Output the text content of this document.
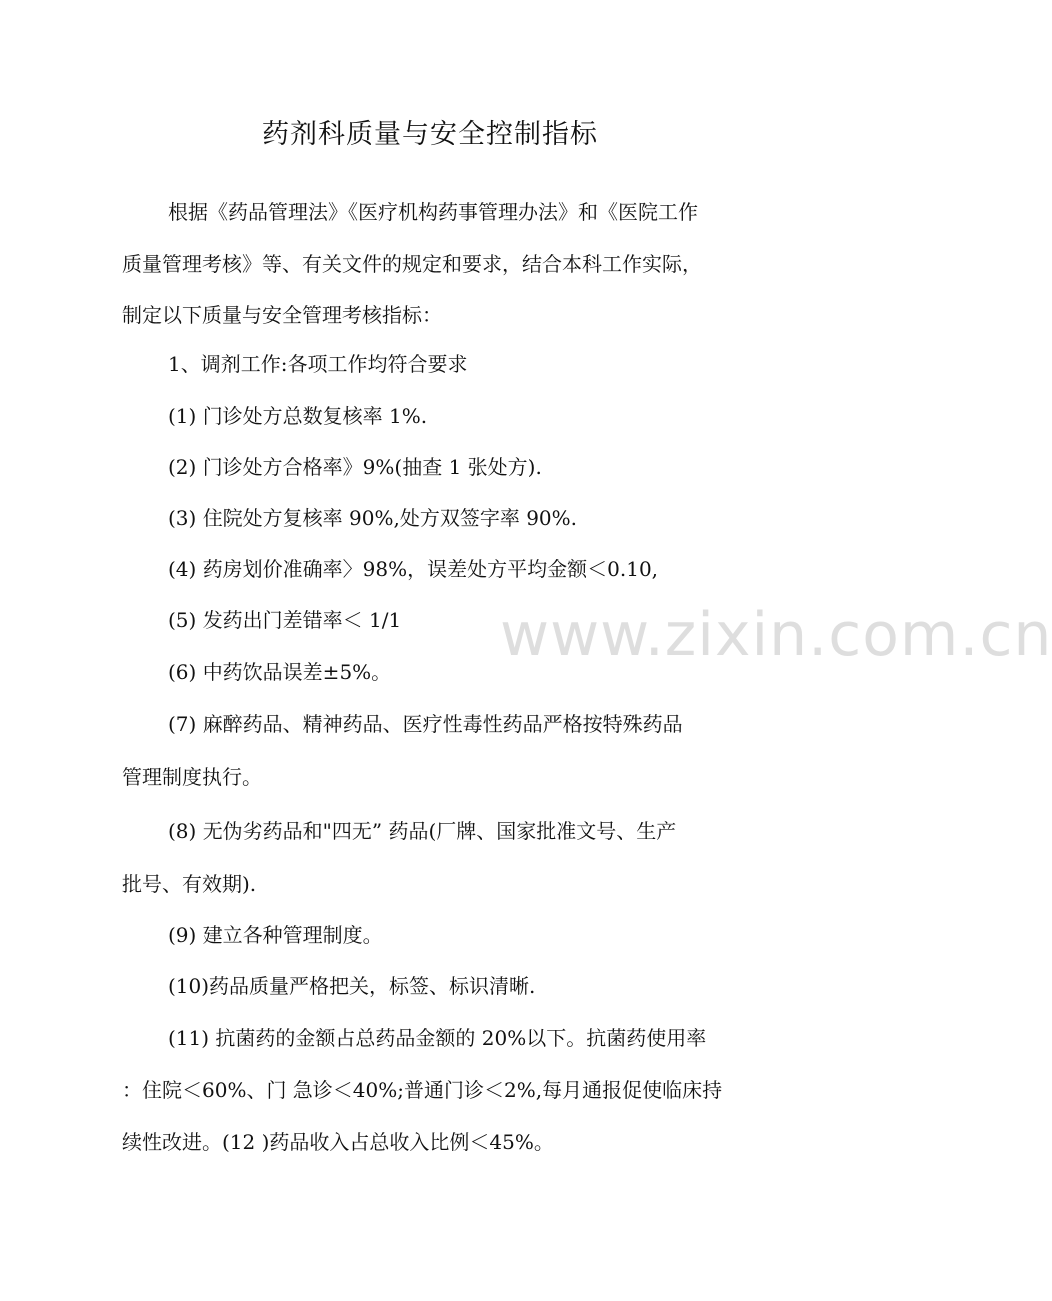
药剂科质量与安全控制指标
根据《药品管理法》《医疗机构药事管理办法》和《医院工作
质量管理考核》等、有关文件的规定和要求，结合本科工作实际，
制定以下质量与安全管理考核指标：
1、调剂工作:各项工作均符合要求
(1) 门诊处方总数复核率 1%.
(2) 门诊处方合格率》9%(抽查 1 张处方).
(3) 住院处方复核率 90%,处方双签字率 90%.
(4) 药房划价准确率〉98%，误差处方平均金额＜0.10,
(5) 发药出门差错率＜ 1/1
(6) 中药饮品误差±5%。
(7) 麻醉药品、精神药品、医疗性毒性药品严格按特殊药品
管理制度执行。
(8) 无伪劣药品和"四无” 药品(厂牌、国家批准文号、生产
批号、有效期).
(9) 建立各种管理制度。
(10)药品质量严格把关，标签、标识清晰.
(11) 抗菌药的金额占总药品金额的 20%以下。抗菌药使用率
：住院＜60%、门 急诊＜40%;普通门诊＜2%,每月通报促使临床持
续性改进。(12 )药品收入占总收入比例＜45%。
www.zixin.com.cn
